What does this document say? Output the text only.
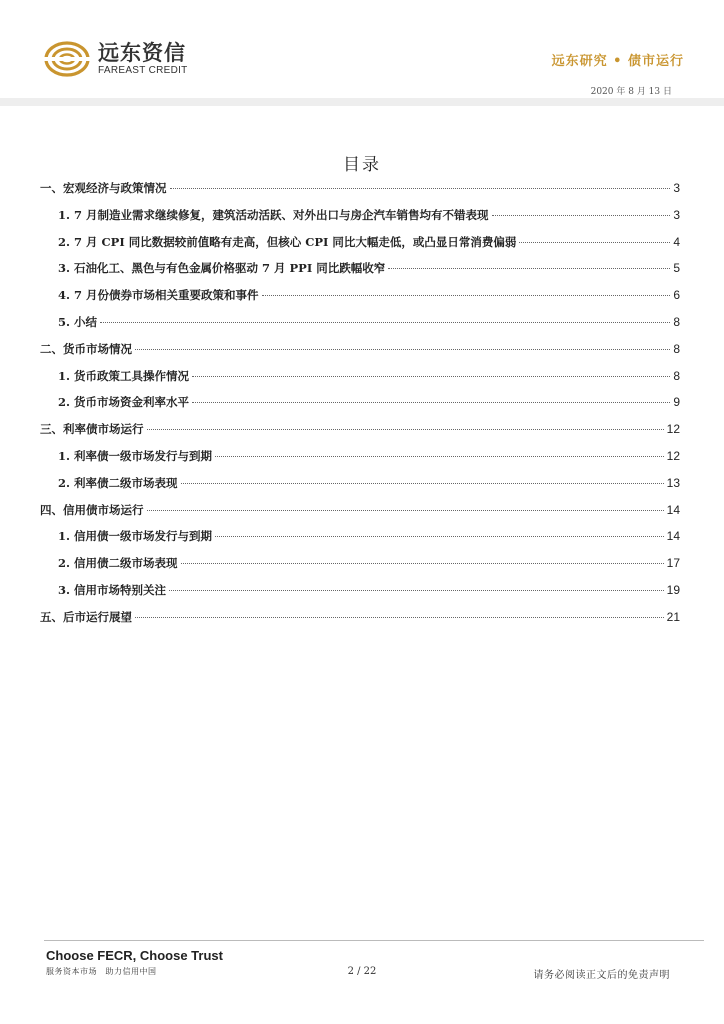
远东资信
FAREAST CREDIT
远东研究 • 债市运行
2020 年 8 月 13 日
目录
一、宏观经济与政策情况	3
1. 7 月制造业需求继续修复，建筑活动活跃、对外出口与房企汽车销售均有不错表现	3
2. 7 月 CPI 同比数据较前值略有走高，但核心 CPI 同比大幅走低，或凸显日常消费偏弱	4
3. 石油化工、黑色与有色金属价格驱动 7 月 PPI 同比跌幅收窄	5
4. 7 月份债券市场相关重要政策和事件	6
5. 小结	8
二、货币市场情况	8
1. 货币政策工具操作情况	8
2. 货币市场资金利率水平	9
三、利率债市场运行	12
1. 利率债一级市场发行与到期	12
2. 利率债二级市场表现	13
四、信用债市场运行	14
1. 信用债一级市场发行与到期	14
2. 信用债二级市场表现	17
3. 信用市场特别关注	19
五、后市运行展望	21
Choose FECR, Choose Trust
服务资本市场　助力信用中国	2 / 22	请务必阅读正文后的免责声明
